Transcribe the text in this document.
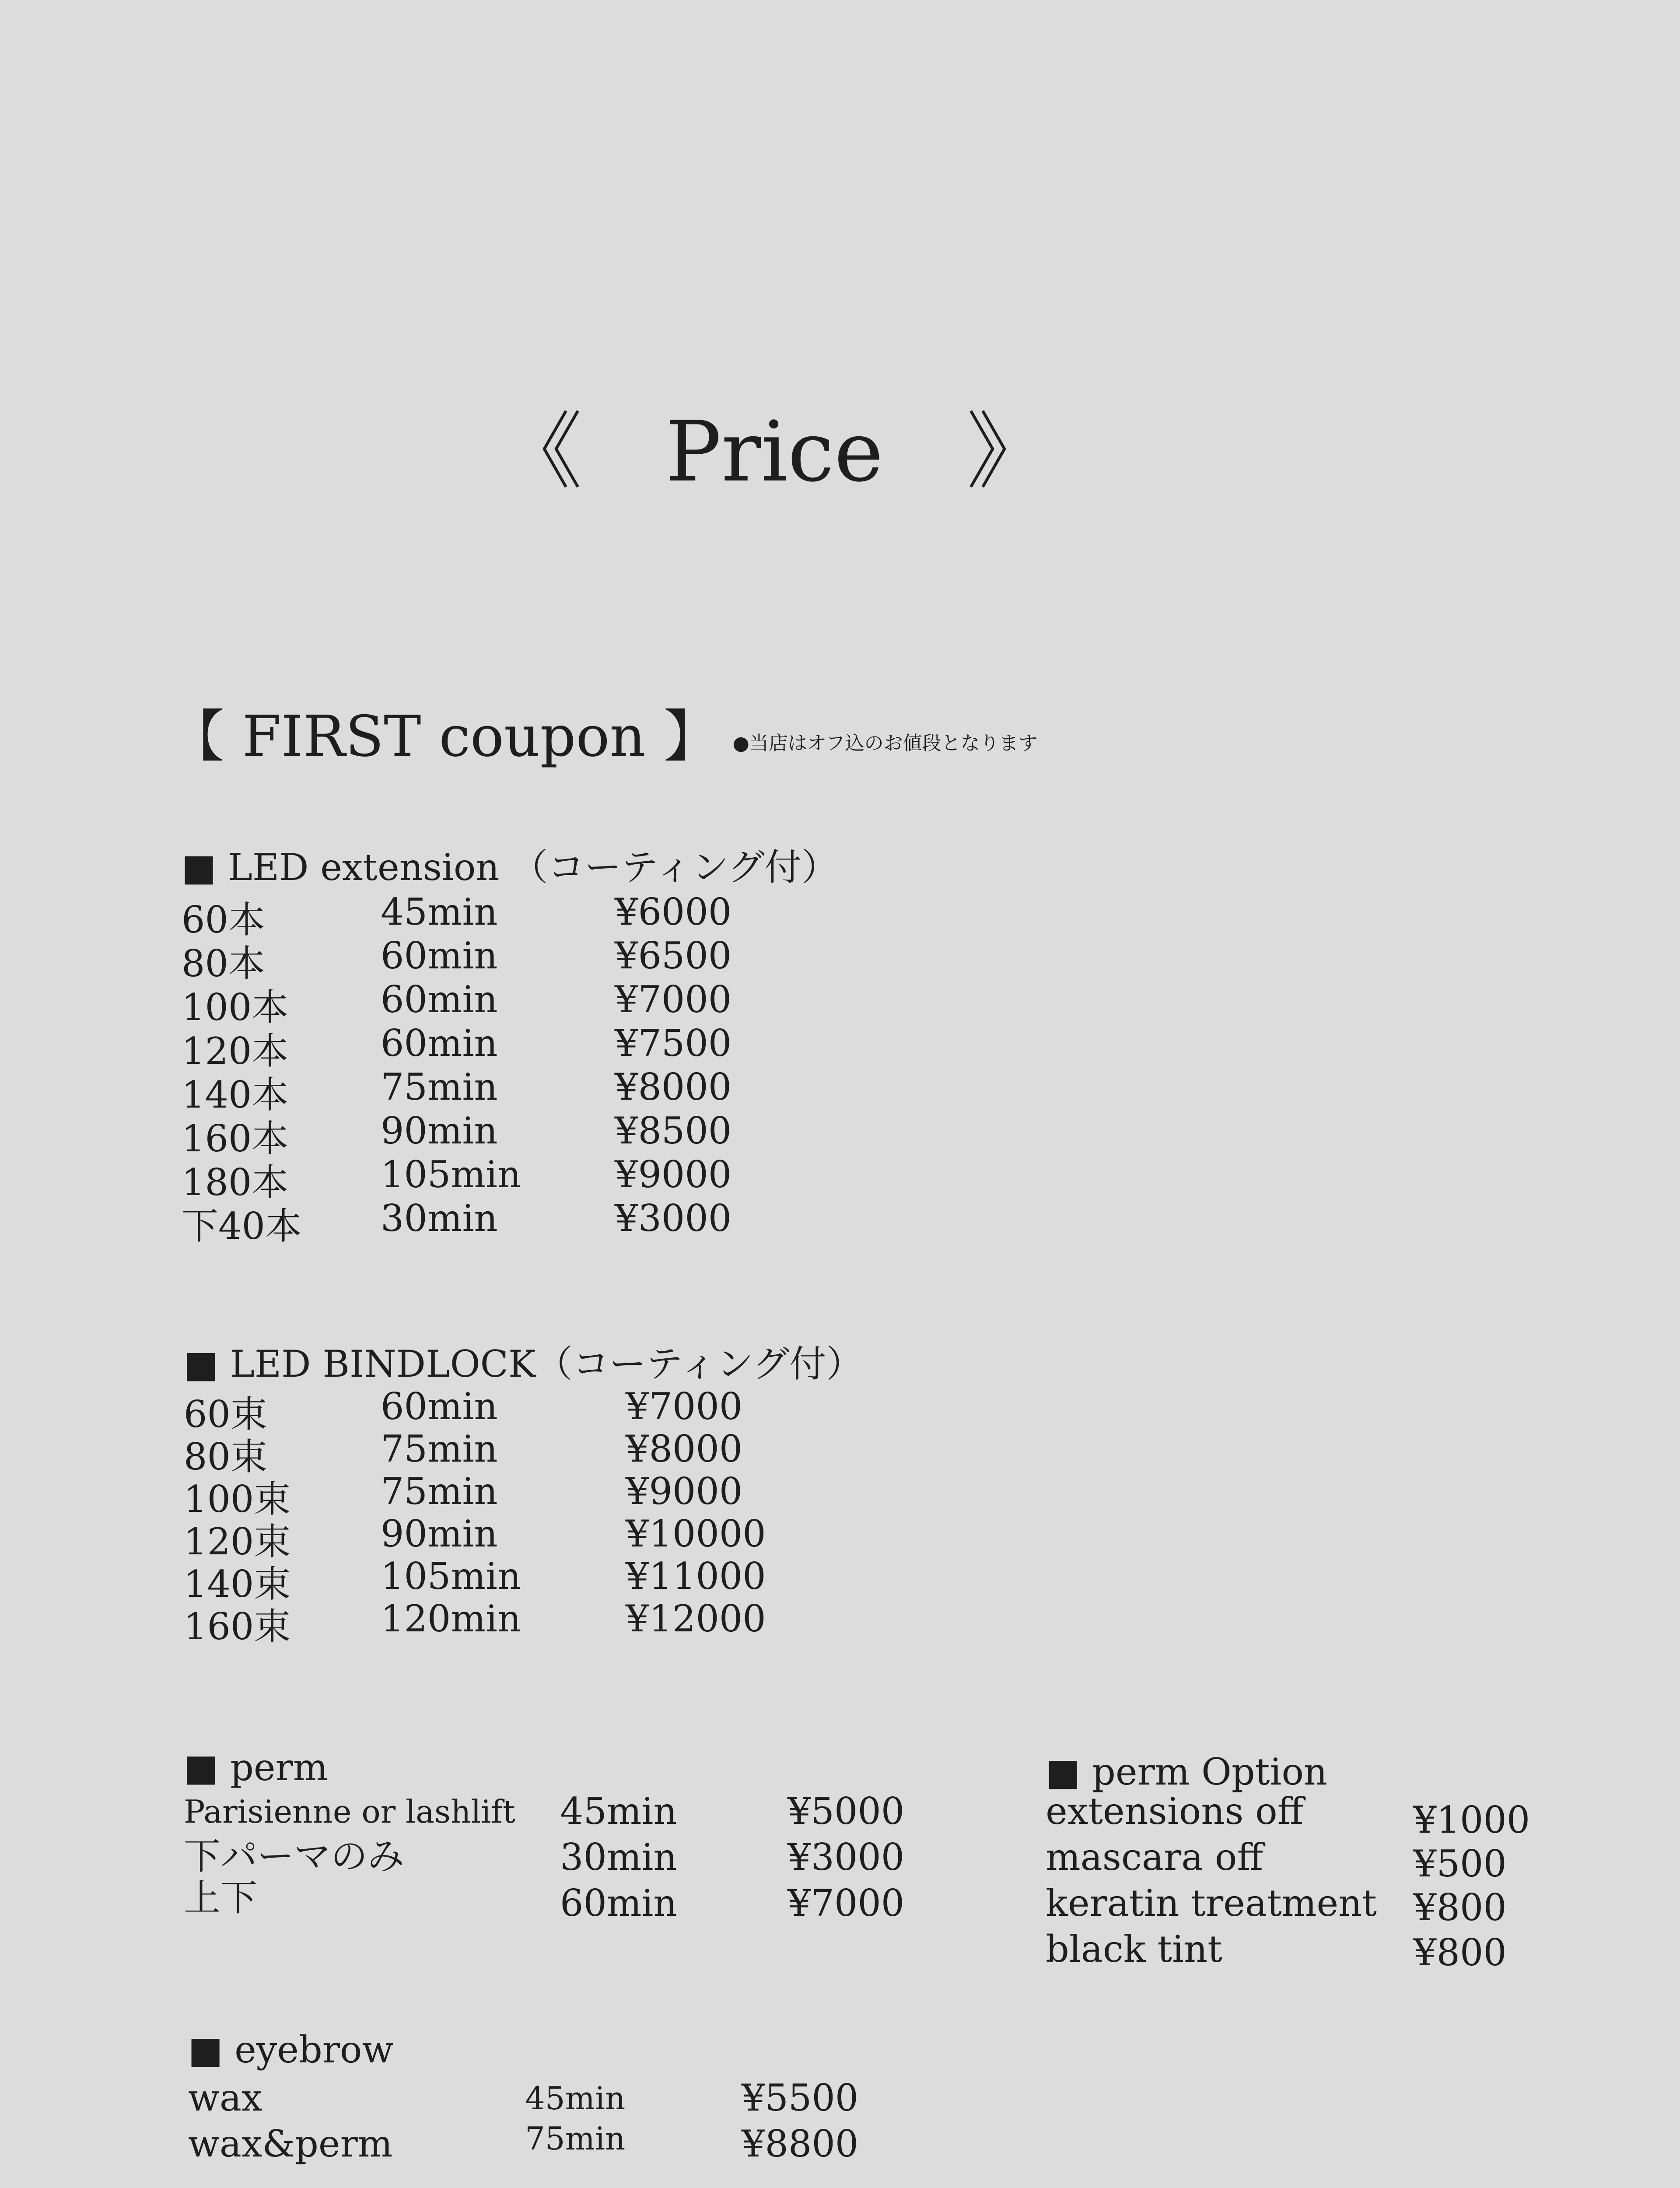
《　Price　》
【 FIRST coupon 】 ●当店はオフ込のお値段となります
■ LED extension （コーティング付）
60本	45min	¥6000
80本	60min	¥6500
100本	60min	¥7000
120本	60min	¥7500
140本	75min	¥8000
160本	90min	¥8500
180本	105min	¥9000
下40本 30min	¥3000
■ LED BINDLOCK（コーティング付）
60束	60min	¥7000
80束	75min	¥8000
100束 75min	¥9000
120束 90min	¥10000
140束 105min	¥11000
160束 120min	¥12000
■ perm
Parisienne or lashlift 45min	¥5000
下パーマのみ	30min	¥3000
上下	60min	¥7000
■ perm Option
extensions off	¥1000
mascara off	¥500
keratin treatment ¥800
black tint	¥800
■ eyebrow
wax	45min	¥5500
wax&perm	75min	¥8800
